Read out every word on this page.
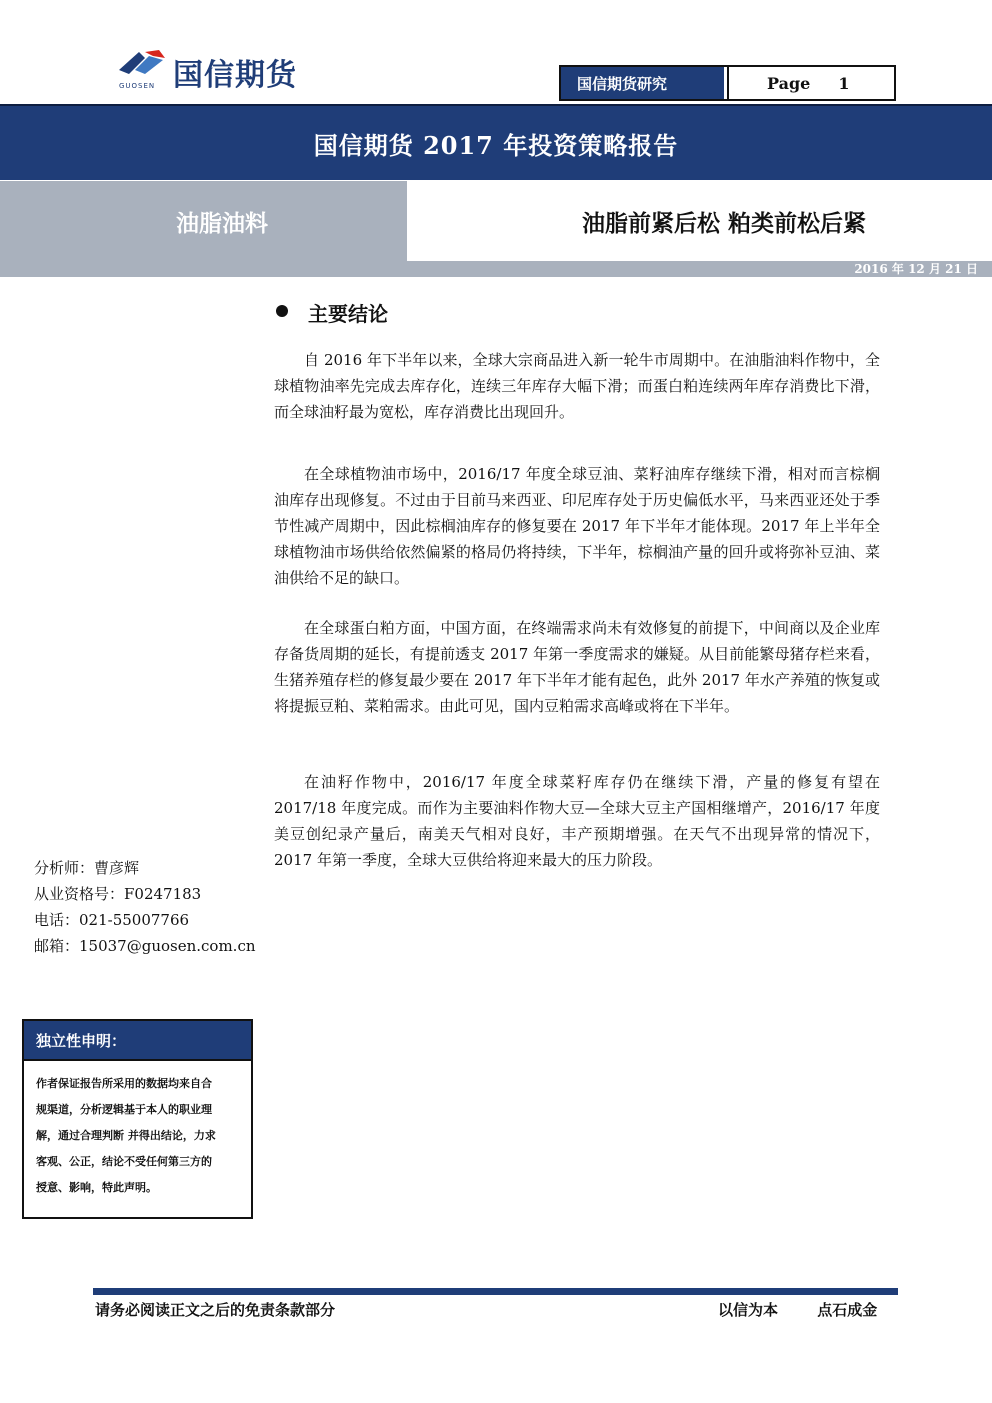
国信期货
GUOSEN	国信期货研究	Page 1
国信期货 2017 年投资策略报告
油脂油料	油脂前紧后松 粕类前松后紧
2016 年 12 月 21 日
主要结论

自 2016 年下半年以来，全球大宗商品进入新一轮牛市周期中。在油脂油料作物中，全球植物油率先完成去库存化，连续三年库存大幅下滑；而蛋白粕连续两年库存消费比下滑，而全球油籽最为宽松，库存消费比出现回升。

在全球植物油市场中，2016/17 年度全球豆油、菜籽油库存继续下滑，相对而言棕榈油库存出现修复。不过由于目前马来西亚、印尼库存处于历史偏低水平，马来西亚还处于季节性减产周期中，因此棕榈油库存的修复要在 2017 年下半年才能体现。2017 年上半年全球植物油市场供给依然偏紧的格局仍将持续，下半年，棕榈油产量的回升或将弥补豆油、菜油供给不足的缺口。

在全球蛋白粕方面，中国方面，在终端需求尚未有效修复的前提下，中间商以及企业库存备货周期的延长，有提前透支 2017 年第一季度需求的嫌疑。从目前能繁母猪存栏来看，生猪养殖存栏的修复最少要在 2017 年下半年才能有起色，此外 2017 年水产养殖的恢复或将提振豆粕、菜粕需求。由此可见，国内豆粕需求高峰或将在下半年。

在油籽作物中，2016/17 年度全球菜籽库存仍在继续下滑，产量的修复有望在 2017/18 年度完成。而作为主要油料作物大豆—全球大豆主产国相继增产，2016/17 年度美豆创纪录产量后，南美天气相对良好，丰产预期增强。在天气不出现异常的情况下，2017 年第一季度，全球大豆供给将迎来最大的压力阶段。

分析师：曹彦辉
从业资格号：F0247183
电话：021-55007766
邮箱：15037@guosen.com.cn
独立性申明：
作者保证报告所采用的数据均来自合
规渠道，分析逻辑基于本人的职业理
解，通过合理判断 并得出结论，力求
客观、公正，结论不受任何第三方的
授意、影响，特此声明。
请务必阅读正文之后的免责条款部分	以信为本	点石成金
